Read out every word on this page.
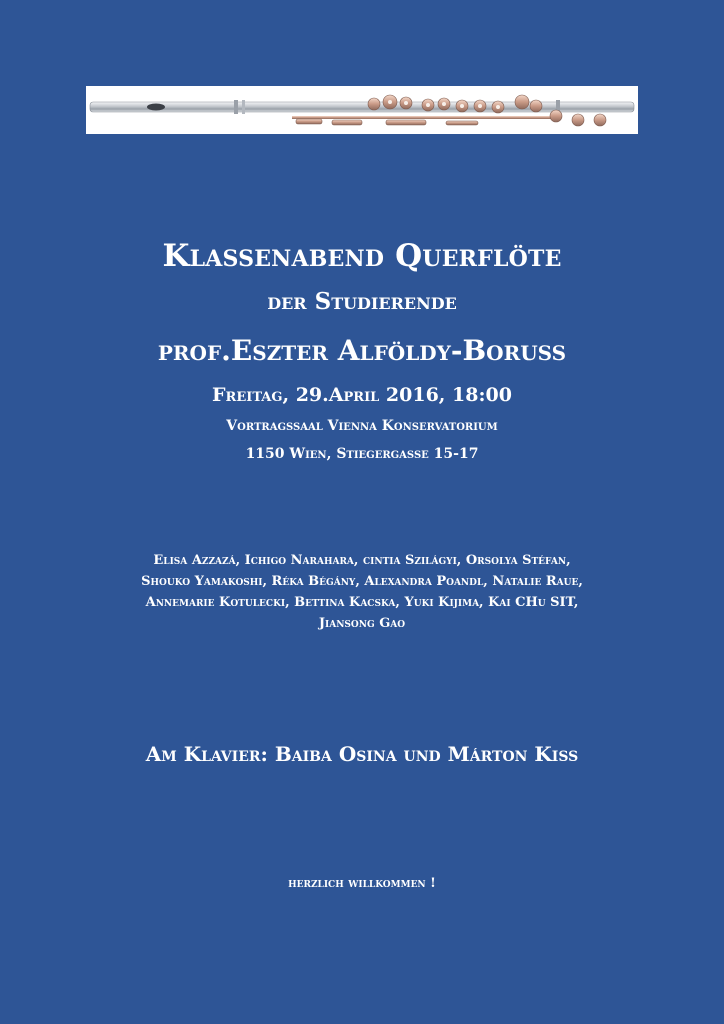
Klassenabend Querflöte
der Studierende
prof.Eszter Alföldy-Boruss

Freitag, 29.April 2016, 18:00

Vortragssaal Vienna Konservatorium

1150 Wien, Stiegergasse 15-17

Elisa Azzazá, Ichigo Narahara, cintia Szilágyi, Orsolya Stéfan,
Shouko Yamakoshi, Réka Bégány, Alexandra Poandl, Natalie Raue,
Annemarie Kotulecki, Bettina Kacska, Yuki Kijima, Kai CHu SIT,
Jiansong Gao

Am Klavier: Baiba Osina und Márton Kiss

herzlich willkommen !
